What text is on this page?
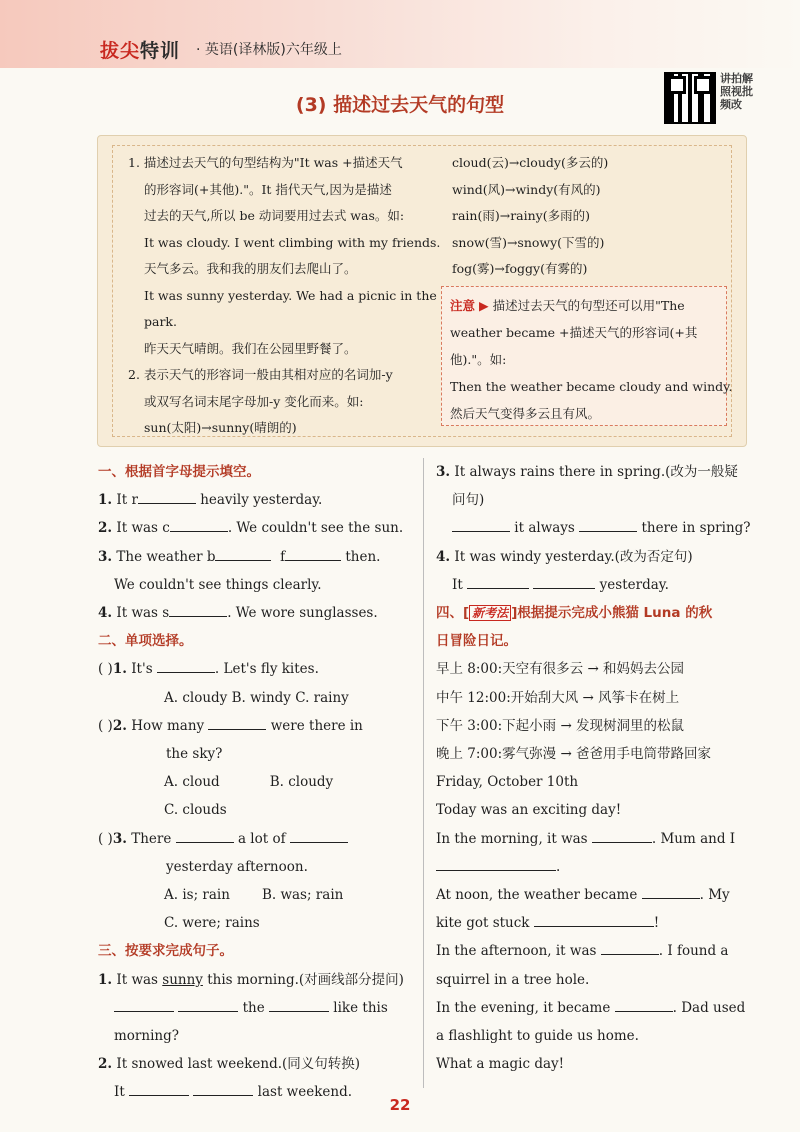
拔尖特训 · 英语(译林版)六年级上
(3) 描述过去天气的句型
讲拍解照视批频改
1. 描述过去天气的句型结构为"It was +描述天气
的形容词(+其他)."。It 指代天气,因为是描述
过去的天气,所以 be 动词要用过去式 was。如:
It was cloudy. I went climbing with my friends.
天气多云。我和我的朋友们去爬山了。
It was sunny yesterday. We had a picnic in the
park.
昨天天气晴朗。我们在公园里野餐了。
2. 表示天气的形容词一般由其相对应的名词加-y
或双写名词末尾字母加-y 变化而来。如:
sun(太阳)→sunny(晴朗的)
cloud(云)→cloudy(多云的)
wind(风)→windy(有风的)
rain(雨)→rainy(多雨的)
snow(雪)→snowy(下雪的)
fog(雾)→foggy(有雾的)
注意 ▶ 描述过去天气的句型还可以用"The
weather became +描述天气的形容词(+其
他)."。如:
Then the weather became cloudy and windy.
然后天气变得多云且有风。
一、根据首字母提示填空。
1. It r	heavily yesterday.
2. It was c	. We couldn't see the sun.
3. The weather b	f	then.
We couldn't see things clearly.
4. It was s	. We wore sunglasses.
二、单项选择。
( )1. It's	. Let's fly kites.
A. cloudy B. windy C. rainy
( )2. How many	were there in
the sky?
A. cloud	B. cloudy
C. clouds
( )3. There	a lot of
yesterday afternoon.
A. is; rain B. was; rain
C. were; rains
三、按要求完成句子。
1. It was sunny this morning.(对画线部分提问)
the	like this
morning?
2. It snowed last weekend.(同义句转换)
It	last weekend.
3. It always rains there in spring.(改为一般疑
问句)
it always	there in spring?
4. It was windy yesterday.(改为否定句)
It	yesterday.
四、[ 新考法 ]根据提示完成小熊猫 Luna 的秋
日冒险日记。
早上 8:00:天空有很多云 → 和妈妈去公园
中午 12:00:开始刮大风 → 风筝卡在树上
下午 3:00:下起小雨 → 发现树洞里的松鼠
晚上 7:00:雾气弥漫 → 爸爸用手电筒带路回家
Friday, October 10th
Today was an exciting day!
In the morning, it was	. Mum and I
.
At noon, the weather became	. My
kite got stuck	!
In the afternoon, it was	. I found a
squirrel in a tree hole.
In the evening, it became	. Dad used
a flashlight to guide us home.
What a magic day!
22
